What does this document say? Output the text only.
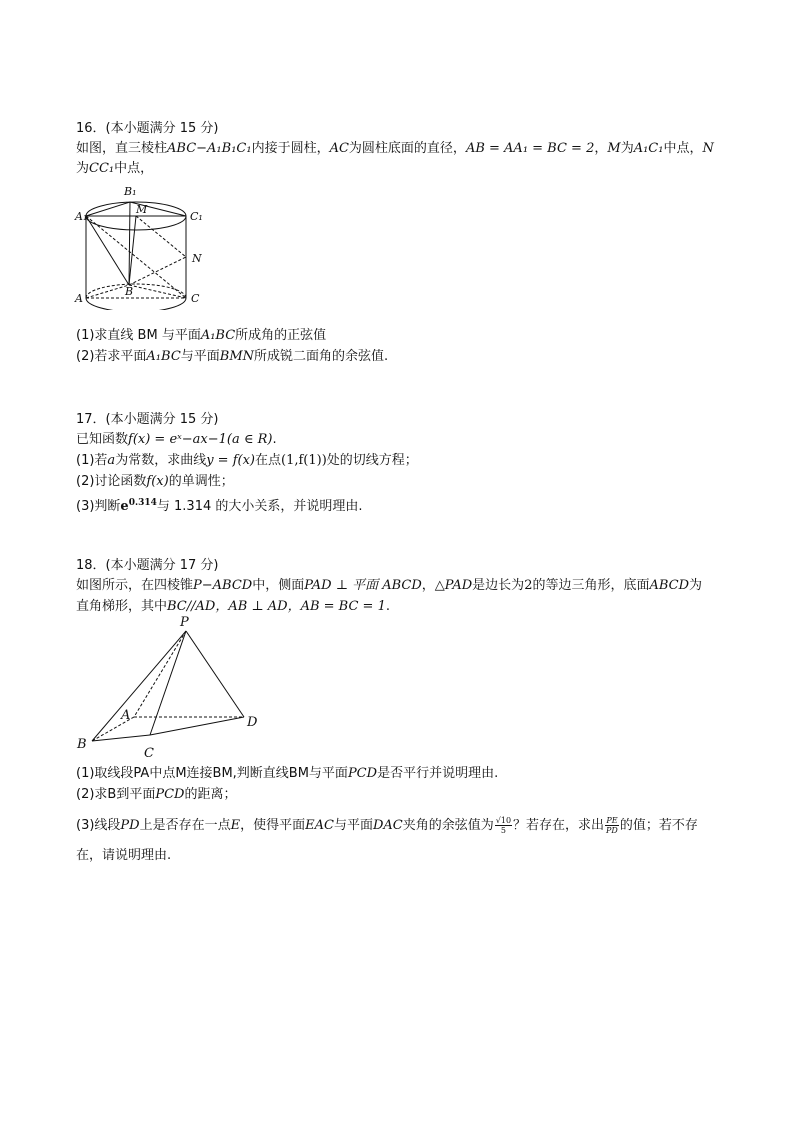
16．(本小题满分 15 分)
如图，直三棱柱ABC−A₁B₁C₁内接于圆柱，AC为圆柱底面的直径，AB = AA₁ = BC = 2，M为A₁C₁中点，N
为CC₁中点，
A₁
B₁
C₁
M
N
A
B
C
(1)求直线 BM 与平面A₁BC所成角的正弦值
(2)若求平面A₁BC与平面BMN所成锐二面角的余弦值.
17．(本小题满分 15 分)
已知函数f(x) = eˣ−ax−1(a ∈ R).
(1)若a为常数，求曲线y = f(x)在点(1,f(1))处的切线方程；
(2)讨论函数f(x)的单调性；
(3)判断$e^{0.314}$与 1.314 的大小关系，并说明理由.
18．(本小题满分 17 分)
如图所示，在四棱锥P−ABCD中，侧面PAD ⊥ 平面 ABCD，△PAD是边长为2的等边三角形，底面ABCD为
直角梯形，其中BC//AD，AB ⊥ AD，AB = BC = 1.
P
A
B
C
D
(1)取线段PA中点M连接BM,判断直线BM与平面PCD是否平行并说明理由.
(2)求B到平面PCD的距离；
(3)线段PD上是否存在一点E，使得平面EAC与平面DAC夹角的余弦值为 $\frac{√10}{5}$ ？若存在，求出 $\frac{PE}{PD}$ 的值；若不存
在，请说明理由.
